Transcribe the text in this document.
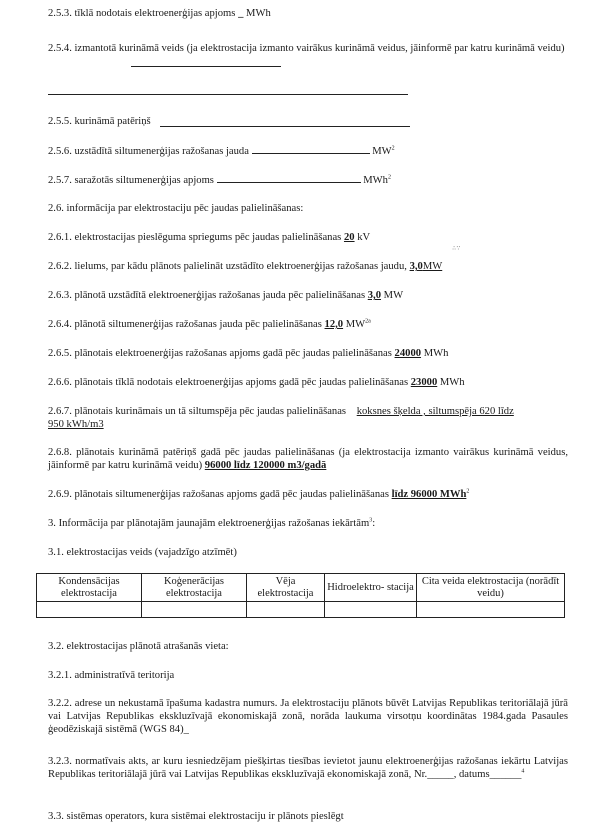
2.5.3. tīklā nodotais elektroenerģijas apjoms _ MWh
2.5.4. izmantotā kurināmā veids (ja elektrostacija izmanto vairākus kurināmā veidus, jāinformē par katru kurināmā veidu)
2.5.5. kurināmā patēriņš
2.5.6. uzstādītā siltumenerģijas ražošanas jauda	$MW^2$
2.5.7. saražotās siltumenerģijas apjoms	MWh$^2$
2.6. informācija par elektrostaciju pēc jaudas palielināšanas:
2.6.1. elektrostacijas pieslēguma spriegums pēc jaudas palielināšanas 20 kV
∴∵
2.6.2. lielums, par kādu plānots palielināt uzstādīto elektroenerģijas ražošanas jaudu, 3,0MW
2.6.3. plānotā uzstādītā elektroenerģijas ražošanas jauda pēc palielināšanas 3,0 MW
2.6.4. plānotā siltumenerģijas ražošanas jauda pēc palielināšanas 12,0 $MW^{2a}$
2.6.5. plānotais elektroenerģijas ražošanas apjoms gadā pēc jaudas palielināšanas 24000 MWh
2.6.6. plānotais tīklā nodotais elektroenerģijas apjoms gadā pēc jaudas palielināšanas 23000 MWh
2.6.7. plānotais kurināmais un tā siltumspēja pēc jaudas palielināšanas koksnes šķelda , siltumspēja 620 līdz
950 kWh/m3
2.6.8. plānotais kurināmā patēriņš gadā pēc jaudas palielināšanas (ja elektrostacija izmanto vairākus kurināmā veidus, jāinformē par katru kurināmā veidu) 96000 līdz 120000 m3/gadā
2.6.9. plānotais siltumenerģijas ražošanas apjoms gadā pēc jaudas palielināšanas līdz 96000 MWh$^2$
3. Informācija par plānotajām jaunajām elektroenerģijas ražošanas iekārtām$^3$:
3.1. elektrostacijas veids (vajadzīgo atzīmēt)
Kondensācijas elektrostacija	Koģenerācijas elektrostacija	Vēja elektrostacija	Hidroelektro- stacija	Cita veida elektrostacija (norādīt veidu)

3.2. elektrostacijas plānotā atrašanās vieta:
3.2.1. administratīvā teritorija
3.2.2. adrese un nekustamā īpašuma kadastra numurs. Ja elektrostaciju plānots būvēt Latvijas Republikas teritoriālajā jūrā vai Latvijas Republikas ekskluzīvajā ekonomiskajā zonā, norāda laukuma virsotņu koordinātas 1984.gada Pasaules ģeodēziskajā sistēmā (WGS 84)_
3.2.3. normatīvais akts, ar kuru iesniedzējam piešķirtas tiesības ievietot jaunu elektroenerģijas ražošanas iekārtu Latvijas Republikas teritoriālajā jūrā vai Latvijas Republikas ekskluzīvajā ekonomiskajā zonā, Nr._____, datums______$^4$
3.3. sistēmas operators, kura sistēmai elektrostaciju ir plānots pieslēgt
